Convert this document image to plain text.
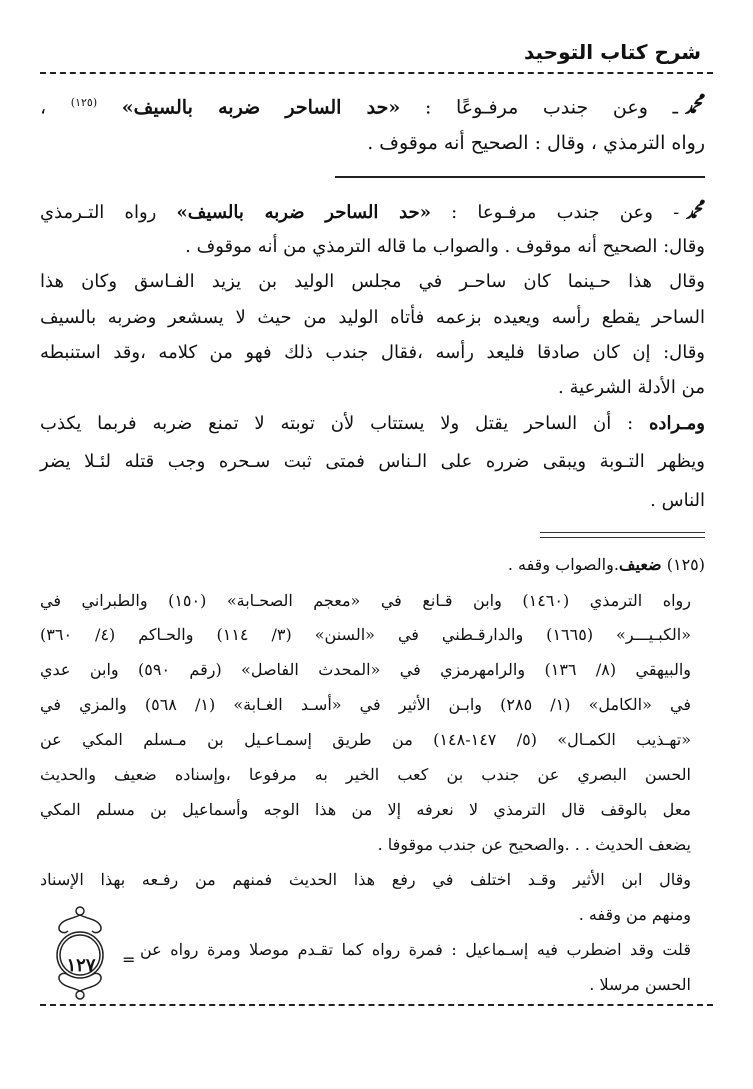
شرح كتاب التوحيد
ﷴـ وعن جندب مرفـوعًا : «حد الساحر ضربه بالسيف» $^{(١٢٥)}$ ،
رواه الترمذي ، وقال : الصحيح أنه موقوف .
ﷴ- وعن جندب مرفـوعا : «حد الساحر ضربه بالسيف» رواه التـرمذي
وقال: الصحيح أنه موقوف . والصواب ما قاله الترمذي من أنه موقوف .
وقال هذا حـينما كان ساحـر في مجلس الوليد بن يزيد الفـاسق وكان هذا
الساحر يقطع رأسه ويعيده بزعمه فأتاه الوليد من حيث لا يسشعر وضربه بالسيف
وقال: إن كان صادقا فليعد رأسه ،فقال جندب ذلك فهو من كلامه ،وقد استنبطه
من الأدلة الشرعية .
ومـراده : أن الساحر يقتل ولا يستتاب لأن توبته لا تمنع ضربه فربما يكذب
ويظهر التـوبة ويبقى ضرره على الـناس فمتى ثبت سـحره وجب قتله لئـلا يضر
الناس .
(١٢٥) ضعيف.والصواب وقفه .
رواه الترمذي (١٤٦٠) وابن قـانع في «معجم الصحـابة» (١٥٠) والطبراني في
«الكبـيـــر» (١٦٦٥) والدارقـطني في «السنن» (٣/ ١١٤) والحـاكم (٤/ ٣٦٠)
والبيهقي (٨/ ١٣٦) والرامهرمزي في «المحدث الفاصل» (رقم ٥٩٠) وابن عدي
في «الكامل» (١/ ٢٨٥) وابـن الأثير في «أسـد الغـابة» (١/ ٥٦٨) والمزي في
«تهـذيب الكمـال» (٥/ ١٤٧-١٤٨) من طريق إسمـاعـيل بن مـسلم المكي عن
الحسن البصري عن جندب بن كعب الخير به مرفوعا ،وإسناده ضعيف والحديث
معل بالوقف قال الترمذي لا نعرفه إلا من هذا الوجه وأسماعيل بن مسلم المكي
يضعف الحديث . . .والصحيح عن جندب موقوفا .
وقال ابن الأثير وقـد اختلف في رفع هذا الحديث فمنهم من رفـعه بهذا الإسناد
ومنهم من وقفه .
قلت وقد اضطرب فيه إسـماعيل : فمرة رواه كما تقـدم موصلا ومرة رواه عن
الحسن مرسلا .
١٢٧ =
